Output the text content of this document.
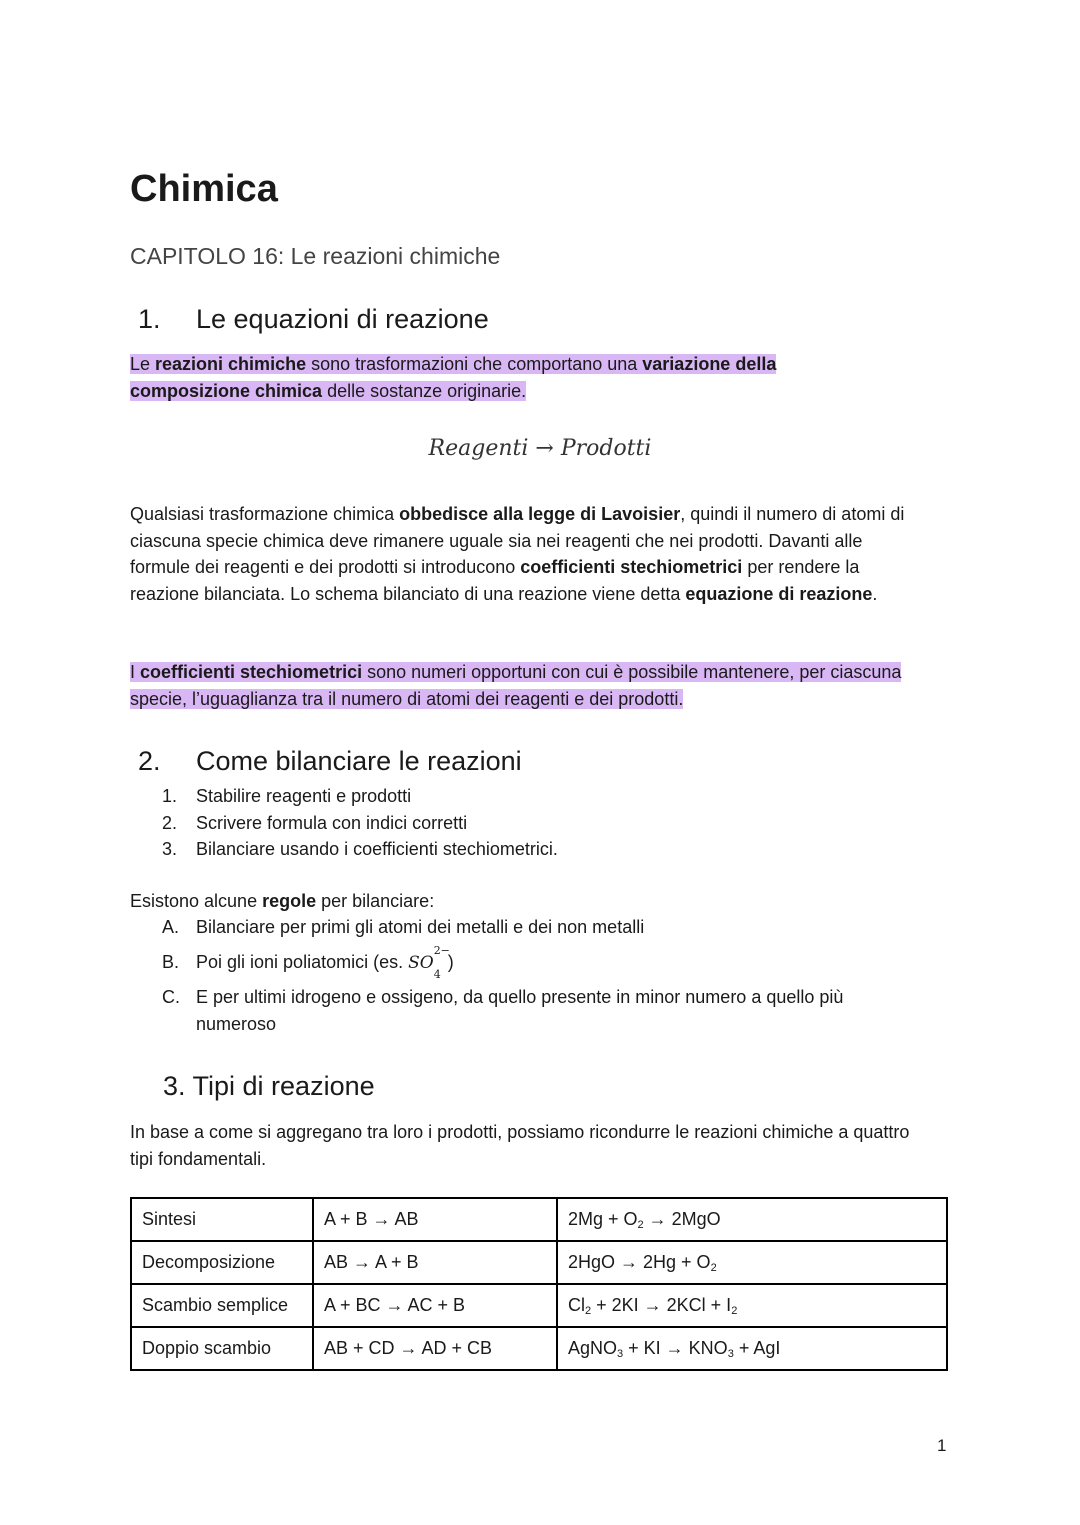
Chimica
CAPITOLO 16: Le reazioni chimiche
1. Le equazioni di reazione

Le reazioni chimiche sono trasformazioni che comportano una variazione della composizione chimica delle sostanze originarie.

Reagenti → Prodotti

Qualsiasi trasformazione chimica obbedisce alla legge di Lavoisier, quindi il numero di atomi di ciascuna specie chimica deve rimanere uguale sia nei reagenti che nei prodotti. Davanti alle formule dei reagenti e dei prodotti si introducono coefficienti stechiometrici per rendere la reazione bilanciata. Lo schema bilanciato di una reazione viene detta equazione di reazione.

I coefficienti stechiometrici sono numeri opportuni con cui è possibile mantenere, per ciascuna specie, l’uguaglianza tra il numero di atomi dei reagenti e dei prodotti.

2. Come bilanciare le reazioni
1. Stabilire reagenti e prodotti
2. Scrivere formula con indici corretti
3. Bilanciare usando i coefficienti stechiometrici.

Esistono alcune regole per bilanciare:

A. Bilanciare per primi gli atomi dei metalli e dei non metalli
B. Poi gli ioni poliatomici (es. SO
2−
4
)
C. E per ultimi idrogeno e ossigeno, da quello presente in minor numero a quello più numeroso
3. Tipi di reazione

In base a come si aggregano tra loro i prodotti, possiamo ricondurre le reazioni chimiche a quattro tipi fondamentali.

Sintesi	A + B → AB	$2Mg + O_2 \to 2MgO$
Decomposizione	AB → A + B	$2HgO \to 2Hg + O_2$
Scambio semplice	A + BC → AC + B	$Cl_2 + 2KI \to 2KCl + I_2$
Doppio scambio	AB + CD → AD + CB	AgNO$_3$ + KI → $KNO_3$ + AgI
1
